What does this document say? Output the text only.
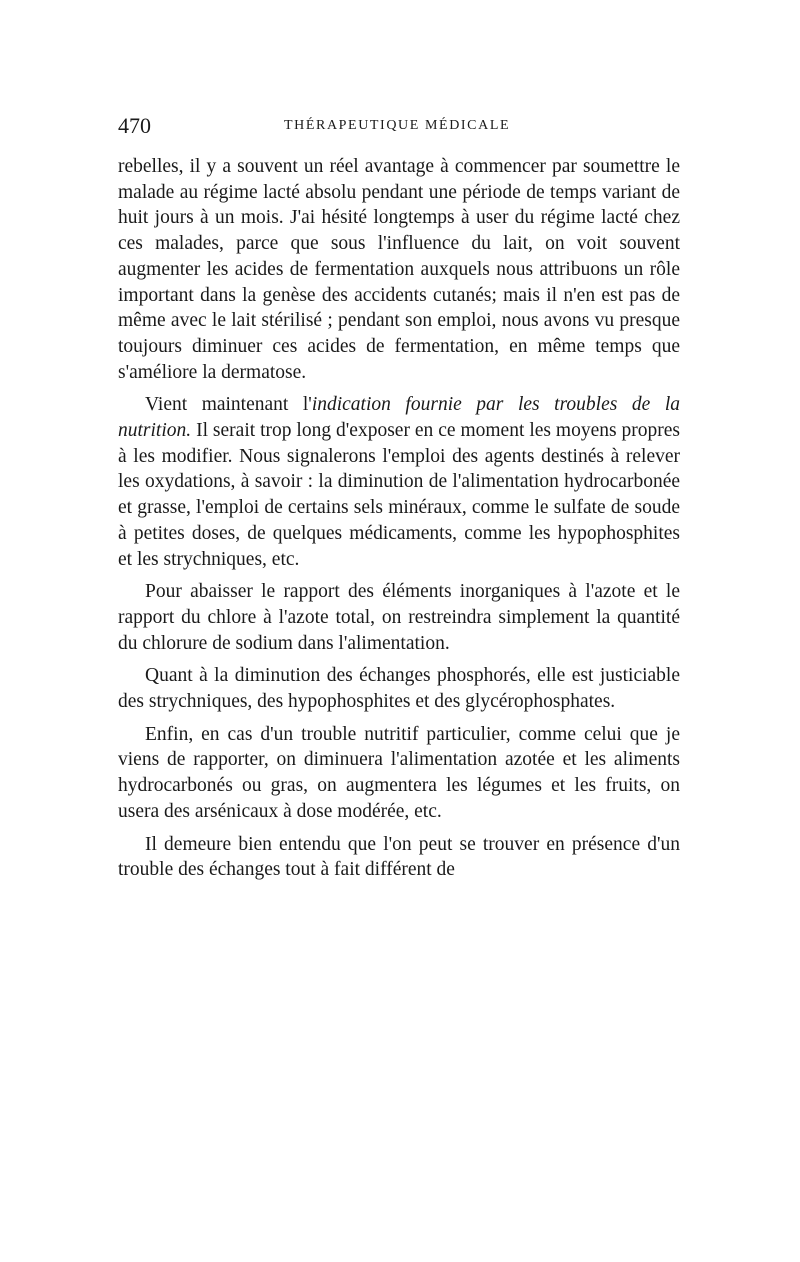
470	THÉRAPEUTIQUE MÉDICALE

rebelles, il y a souvent un réel avantage à commencer par soumettre le malade au régime lacté absolu pendant une période de temps variant de huit jours à un mois. J'ai hésité longtemps à user du régime lacté chez ces malades, parce que sous l'influence du lait, on voit souvent augmenter les acides de fermentation auxquels nous attribuons un rôle important dans la genèse des accidents cutanés; mais il n'en est pas de même avec le lait stérilisé ; pendant son emploi, nous avons vu presque toujours diminuer ces acides de fermentation, en même temps que s'améliore la dermatose.

Vient maintenant l'indication fournie par les troubles de la nutrition. Il serait trop long d'exposer en ce moment les moyens propres à les modifier. Nous signalerons l'emploi des agents destinés à relever les oxydations, à savoir : la diminution de l'alimentation hydrocarbonée et grasse, l'emploi de certains sels minéraux, comme le sulfate de soude à petites doses, de quelques médicaments, comme les hypophosphites et les strychniques, etc.

Pour abaisser le rapport des éléments inorganiques à l'azote et le rapport du chlore à l'azote total, on restreindra simplement la quantité du chlorure de sodium dans l'alimentation.

Quant à la diminution des échanges phosphorés, elle est justiciable des strychniques, des hypophosphites et des glycérophosphates.

Enfin, en cas d'un trouble nutritif particulier, comme celui que je viens de rapporter, on diminuera l'alimentation azotée et les aliments hydrocarbonés ou gras, on augmentera les légumes et les fruits, on usera des arsénicaux à dose modérée, etc.

Il demeure bien entendu que l'on peut se trouver en présence d'un trouble des échanges tout à fait différent de
